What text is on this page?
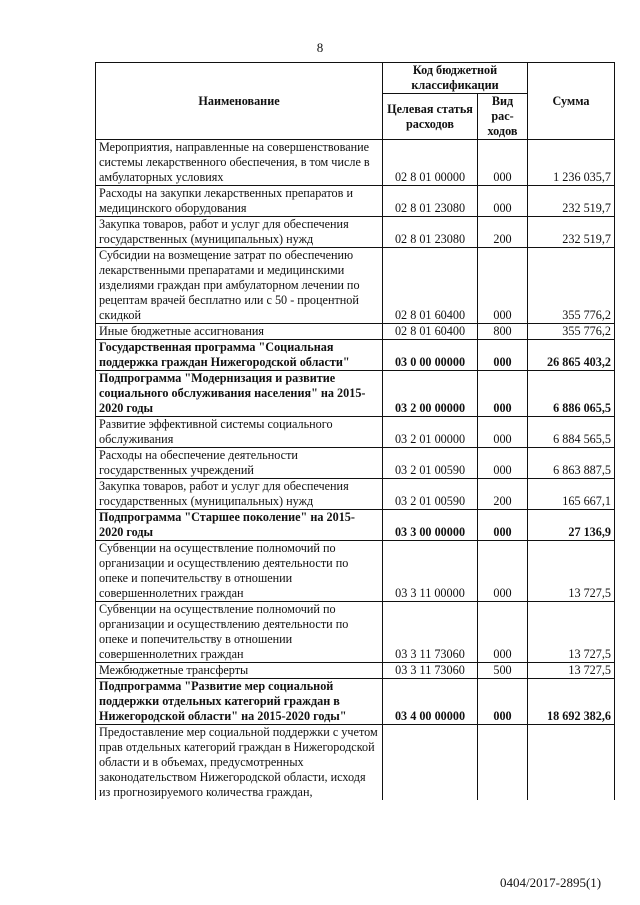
8
Наименование	Код бюджетной классификации		Сумма
	Целевая статья расходов	Вид рас-ходов	
Мероприятия, направленные на совершенствование системы лекарственного обеспечения, в том числе в амбулаторных условиях	02 8 01 00000	000	1 236 035,7
Расходы на закупки лекарственных препаратов и медицинского оборудования	02 8 01 23080	000	232 519,7
Закупка товаров, работ и услуг для обеспечения государственных (муниципальных) нужд	02 8 01 23080	200	232 519,7
Субсидии на возмещение затрат по обеспечению лекарственными препаратами и медицинскими изделиями граждан при амбулаторном лечении по рецептам врачей бесплатно или с 50 - процентной скидкой	02 8 01 60400	000	355 776,2
Иные бюджетные ассигнования	02 8 01 60400	800	355 776,2
Государственная программа "Социальная поддержка граждан Нижегородской области"	03 0 00 00000	000	26 865 403,2
Подпрограмма "Модернизация и развитие социального обслуживания населения" на 2015-2020 годы	03 2 00 00000	000	6 886 065,5
Развитие эффективной системы социального обслуживания	03 2 01 00000	000	6 884 565,5
Расходы на обеспечение деятельности государственных учреждений	03 2 01 00590	000	6 863 887,5
Закупка товаров, работ и услуг для обеспечения государственных (муниципальных) нужд	03 2 01 00590	200	165 667,1
Подпрограмма "Старшее поколение" на 2015-2020 годы	03 3 00 00000	000	27 136,9
Субвенции на осуществление полномочий по организации и осуществлению деятельности по опеке и попечительству в отношении совершеннолетних граждан	03 3 11 00000	000	13 727,5
Субвенции на осуществление полномочий по организации и осуществлению деятельности по опеке и попечительству в отношении совершеннолетних граждан	03 3 11 73060	000	13 727,5
Межбюджетные трансферты	03 3 11 73060	500	13 727,5
Подпрограмма "Развитие мер социальной поддержки отдельных категорий граждан в Нижегородской области" на 2015-2020 годы"	03 4 00 00000	000	18 692 382,6
Предоставление мер социальной поддержки с учетом прав отдельных категорий граждан в Нижегородской области и в объемах, предусмотренных законодательством Нижегородской области, исходя из прогнозируемого количества граждан,			
0404/2017-2895(1)
